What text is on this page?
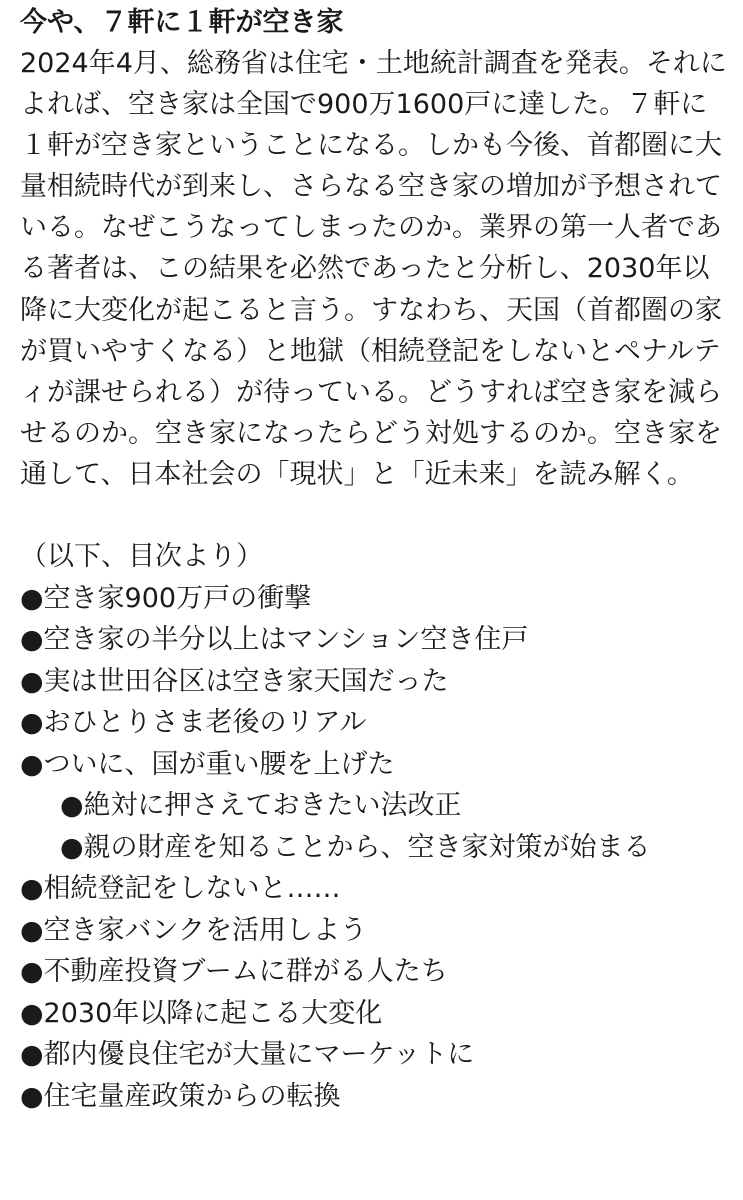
今や、７軒に１軒が空き家

2024年4月、総務省は住宅・土地統計調査を発表。それによれば、空き家は全国で900万1600戸に達した。７軒に１軒が空き家ということになる。しかも今後、首都圏に大量相続時代が到来し、さらなる空き家の増加が予想されている。なぜこうなってしまったのか。業界の第一人者である著者は、この結果を必然であったと分析し、2030年以降に大変化が起こると言う。すなわち、天国（首都圏の家が買いやすくなる）と地獄（相続登記をしないとペナルティが課せられる）が待っている。どうすれば空き家を減らせるのか。空き家になったらどう対処するのか。空き家を通して、日本社会の「現状」と「近未来」を読み解く。

（以下、目次より）

●空き家900万戸の衝撃
●空き家の半分以上はマンション空き住戸
●実は世田谷区は空き家天国だった
●おひとりさま老後のリアル
●ついに、国が重い腰を上げた
●絶対に押さえておきたい法改正
●親の財産を知ることから、空き家対策が始まる
●相続登記をしないと……
●空き家バンクを活用しよう
●不動産投資ブームに群がる人たち
●2030年以降に起こる大変化
●都内優良住宅が大量にマーケットに
●住宅量産政策からの転換
